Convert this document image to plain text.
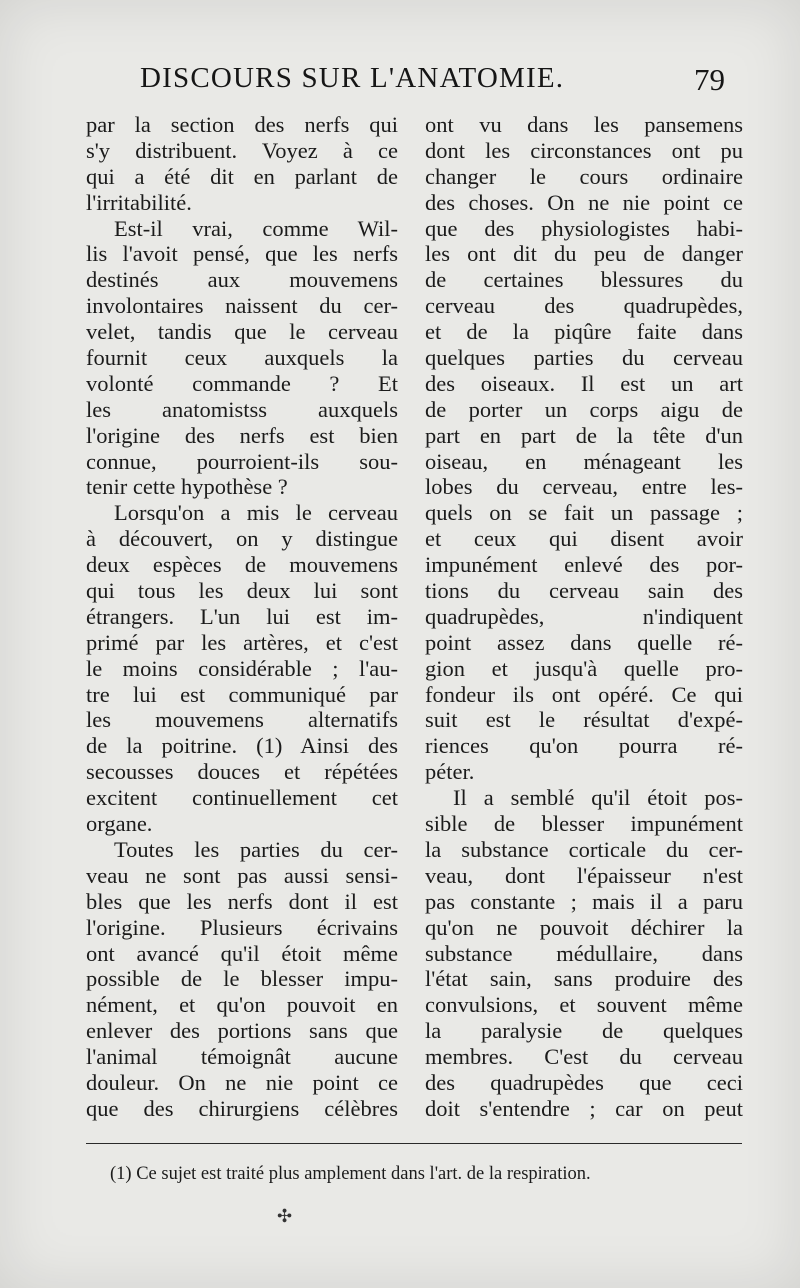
DISCOURS SUR L'ANATOMIE.	79
par la section des nerfs qui
s'y distribuent. Voyez à ce
qui a été dit en parlant de
l'irritabilité.
Est-il vrai, comme Wil-
lis l'avoit pensé, que les nerfs
destinés aux mouvemens
involontaires naissent du cer-
velet, tandis que le cerveau
fournit ceux auxquels la
volonté commande ? Et
les anatomistss auxquels
l'origine des nerfs est bien
connue, pourroient-ils sou-
tenir cette hypothèse ?
Lorsqu'on a mis le cerveau
à découvert, on y distingue
deux espèces de mouvemens
qui tous les deux lui sont
étrangers. L'un lui est im-
primé par les artères, et c'est
le moins considérable ; l'au-
tre lui est communiqué par
les mouvemens alternatifs
de la poitrine. (1) Ainsi des
secousses douces et répétées
excitent continuellement cet
organe.
Toutes les parties du cer-
veau ne sont pas aussi sensi-
bles que les nerfs dont il est
l'origine. Plusieurs écrivains
ont avancé qu'il étoit même
possible de le blesser impu-
nément, et qu'on pouvoit en
enlever des portions sans que
l'animal témoignât aucune
douleur. On ne nie point ce
que des chirurgiens célèbres
ont vu dans les pansemens
dont les circonstances ont pu
changer le cours ordinaire
des choses. On ne nie point ce
que des physiologistes habi-
les ont dit du peu de danger
de certaines blessures du
cerveau des quadrupèdes,
et de la piqûre faite dans
quelques parties du cerveau
des oiseaux. Il est un art
de porter un corps aigu de
part en part de la tête d'un
oiseau, en ménageant les
lobes du cerveau, entre les-
quels on se fait un passage ;
et ceux qui disent avoir
impunément enlevé des por-
tions du cerveau sain des
quadrupèdes, n'indiquent
point assez dans quelle ré-
gion et jusqu'à quelle pro-
fondeur ils ont opéré. Ce qui
suit est le résultat d'expé-
riences qu'on pourra ré-
péter.
Il a semblé qu'il étoit pos-
sible de blesser impunément
la substance corticale du cer-
veau, dont l'épaisseur n'est
pas constante ; mais il a paru
qu'on ne pouvoit déchirer la
substance médullaire, dans
l'état sain, sans produire des
convulsions, et souvent même
la paralysie de quelques
membres. C'est du cerveau
des quadrupèdes que ceci
doit s'entendre ; car on peut
(1) Ce sujet est traité plus amplement dans l'art. de la respiration.
✣
